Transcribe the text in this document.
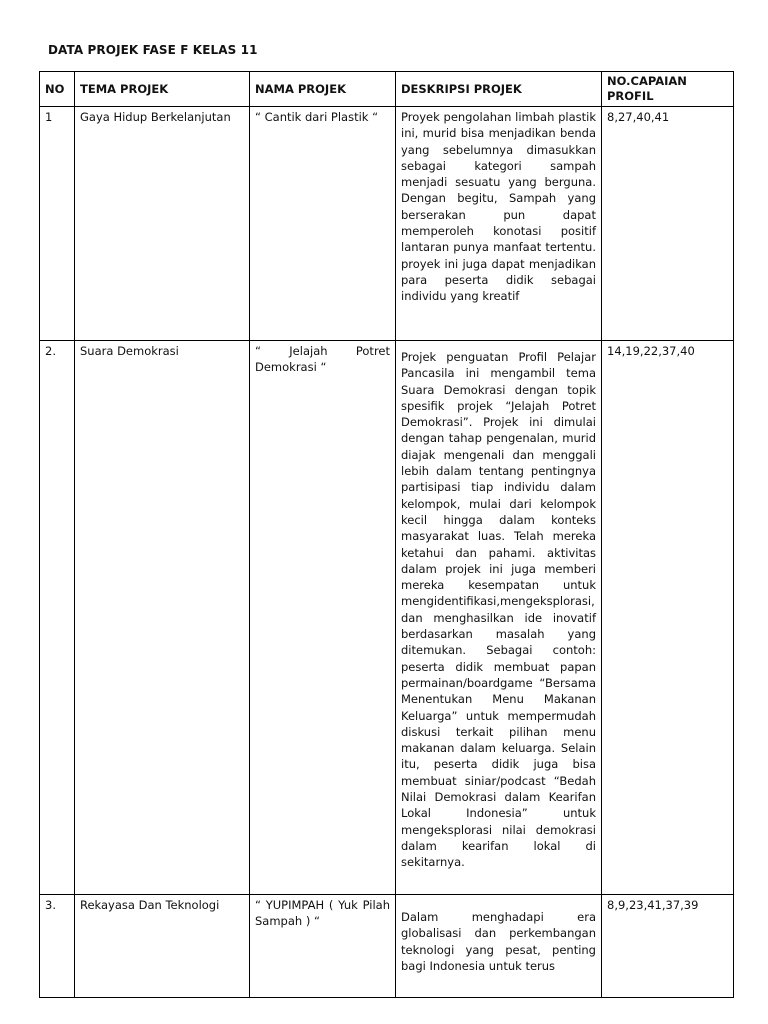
DATA PROJEK FASE F KELAS 11
NO	TEMA PROJEK	NAMA PROJEK	DESKRIPSI PROJEK	NO.CAPAIAN PROFIL
1	Gaya Hidup Berkelanjutan	“ Cantik dari Plastik “	Proyek pengolahan limbah plastik ini, murid bisa menjadikan benda yang sebelumnya dimasukkan sebagai kategori sampah menjadi sesuatu yang berguna. Dengan begitu, Sampah yang berserakan pun dapat memperoleh konotasi positif lantaran punya manfaat tertentu. proyek ini juga dapat menjadikan para peserta didik sebagai individu yang kreatif	8,27,40,41
2.	Suara Demokrasi	“ Jelajah Potret Demokrasi “	Projek penguatan Profil Pelajar Pancasila ini mengambil tema Suara Demokrasi dengan topik spesifik projek “Jelajah Potret Demokrasi”. Projek ini dimulai dengan tahap pengenalan, murid diajak mengenali dan menggali lebih dalam tentang pentingnya partisipasi tiap individu dalam kelompok, mulai dari kelompok kecil hingga dalam konteks masyarakat luas. Telah mereka ketahui dan pahami. aktivitas dalam projek ini juga memberi mereka kesempatan untuk mengidentifikasi,mengeksplorasi, dan menghasilkan ide inovatif berdasarkan masalah yang ditemukan. Sebagai contoh: peserta didik membuat papan permainan/boardgame “Bersama Menentukan Menu Makanan Keluarga” untuk mempermudah diskusi terkait pilihan menu makanan dalam keluarga. Selain itu, peserta didik juga bisa membuat siniar/podcast “Bedah Nilai Demokrasi dalam Kearifan Lokal Indonesia” untuk mengeksplorasi nilai demokrasi dalam kearifan lokal di sekitarnya.	14,19,22,37,40
3.	Rekayasa Dan Teknologi	“ YUPIMPAH ( Yuk Pilah Sampah ) “	Dalam menghadapi era globalisasi dan perkembangan teknologi yang pesat, penting bagi Indonesia untuk terus	8,9,23,41,37,39
